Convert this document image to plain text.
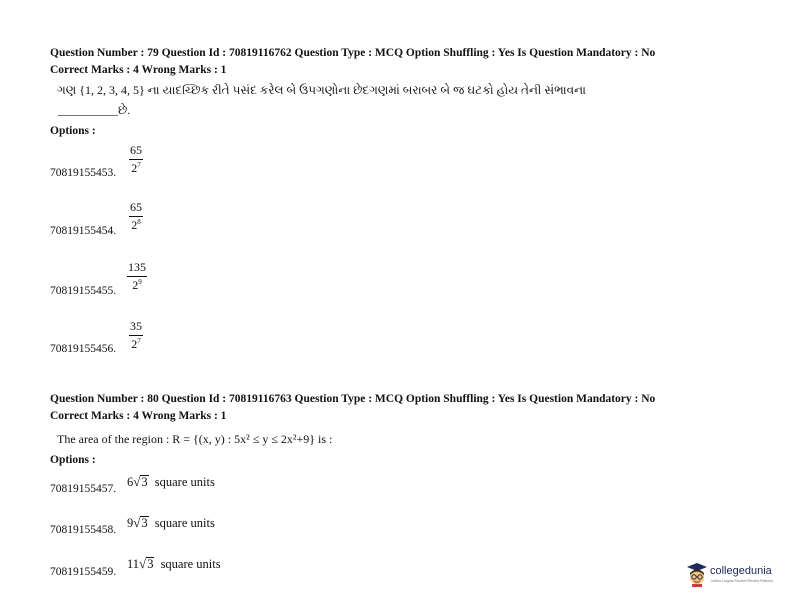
Question Number : 79 Question Id : 70819116762 Question Type : MCQ Option Shuffling : Yes Is Question Mandatory : No
Correct Marks : 4 Wrong Marks : 1
ગણ {1, 2, 3, 4, 5} ના યાદચ્છિક રીતે પસંદ કરેલ બે ઉપગણોના છેદગણમાં બરાબર બે જ ઘટકો હોય તેની સંભાવના
__________છે.
Options :
$\frac{65}{2^7}$
70819155453.
$\frac{65}{2^8}$
70819155454.
$\frac{135}{2^9}$
70819155455.
$\frac{35}{2^7}$
70819155456.
Question Number : 80 Question Id : 70819116763 Question Type : MCQ Option Shuffling : Yes Is Question Mandatory : No
Correct Marks : 4 Wrong Marks : 1
The area of the region : R = {(x, y) : 5x² ≤ y ≤ 2x²+9} is :
Options :
70819155457. 6√3 square units
70819155458. 9√3 square units
70819155459.
11√3 square units	collegedunia
India's Largest Student Review Platform
